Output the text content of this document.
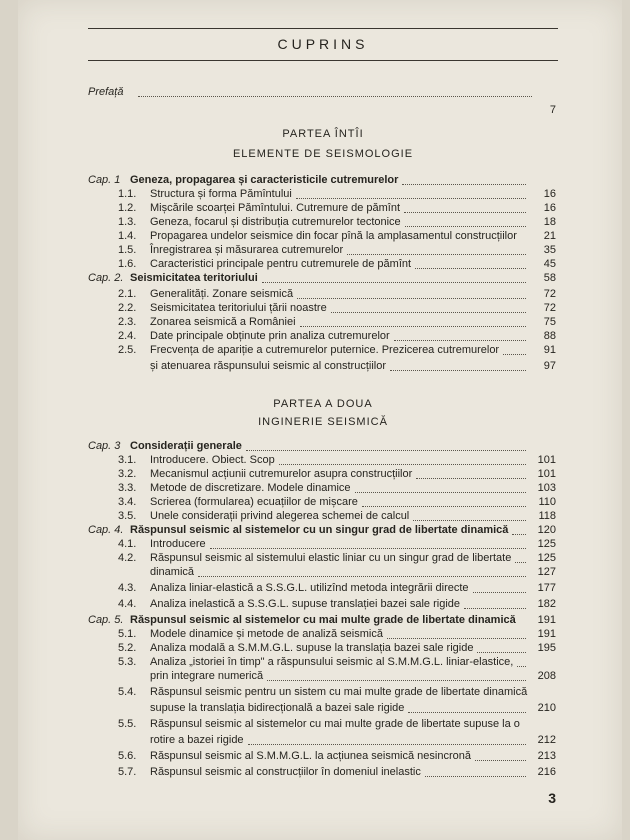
CUPRINS
Prefață
7
PARTEA ÎNTÎI
ELEMENTE DE SEISMOLOGIE
Cap. 1 Geneza, propagarea și caracteristicile cutremurelor
1.1. Structura și forma Pămîntului	16
1.2. Mișcările scoarței Pămîntului. Cutremure de pămînt	16
1.3. Geneza, focarul și distribuția cutremurelor tectonice	18
1.4. Propagarea undelor seismice din focar pînă la amplasamentul construcțiilor	21
1.5. Înregistrarea și măsurarea cutremurelor	35
1.6. Caracteristici principale pentru cutremurele de pămînt	45
Cap. 2. Seismicitatea teritoriului	58
2.1. Generalități. Zonare seismică	72
2.2. Seismicitatea teritoriului țării noastre	72
2.3. Zonarea seismică a României	75
2.4. Date principale obținute prin analiza cutremurelor	88
2.5. Frecvența de apariție a cutremurelor puternice. Prezicerea cutremurelor	91
și atenuarea răspunsului seismic al construcțiilor	97
Cap. 3 Considerații generale
3.1. Introducere. Obiect. Scop	101
3.2. Mecanismul acțiunii cutremurelor asupra construcțiilor	101
3.3. Metode de discretizare. Modele dinamice	103
3.4. Scrierea (formularea) ecuațiilor de mișcare	110
3.5. Unele considerații privind alegerea schemei de calcul	118
Cap. 4. Răspunsul seismic al sistemelor cu un singur grad de libertate dinamică	120
4.1. Introducere	125
4.2. Răspunsul seismic al sistemului elastic liniar cu un singur grad de libertate	125
dinamică	127
4.3. Analiza liniar-elastică a S.S.G.L. utilizînd metoda integrării directe	177
4.4. Analiza inelastică a S.S.G.L. supuse translației bazei sale rigide	182
Cap. 5. Răspunsul seismic al sistemelor cu mai multe grade de libertate dinamică	191
5.1. Modele dinamice și metode de analiză seismică	191
5.2. Analiza modală a S.M.M.G.L. supuse la translația bazei sale rigide	195
5.3. Analiza „istoriei în timp" a răspunsului seismic al S.M.M.G.L. liniar-elastice,
prin integrare numerică	208
5.4. Răspunsul seismic pentru un sistem cu mai multe grade de libertate dinamică
supuse la translația bidirecțională a bazei sale rigide	210
5.5. Răspunsul seismic al sistemelor cu mai multe grade de libertate supuse la o
rotire a bazei rigide	212
5.6. Răspunsul seismic al S.M.M.G.L. la acțiunea seismică nesincronă	213
5.7. Răspunsul seismic al construcțiilor în domeniul inelastic	216
PARTEA A DOUA
INGINERIE SEISMICĂ
3
